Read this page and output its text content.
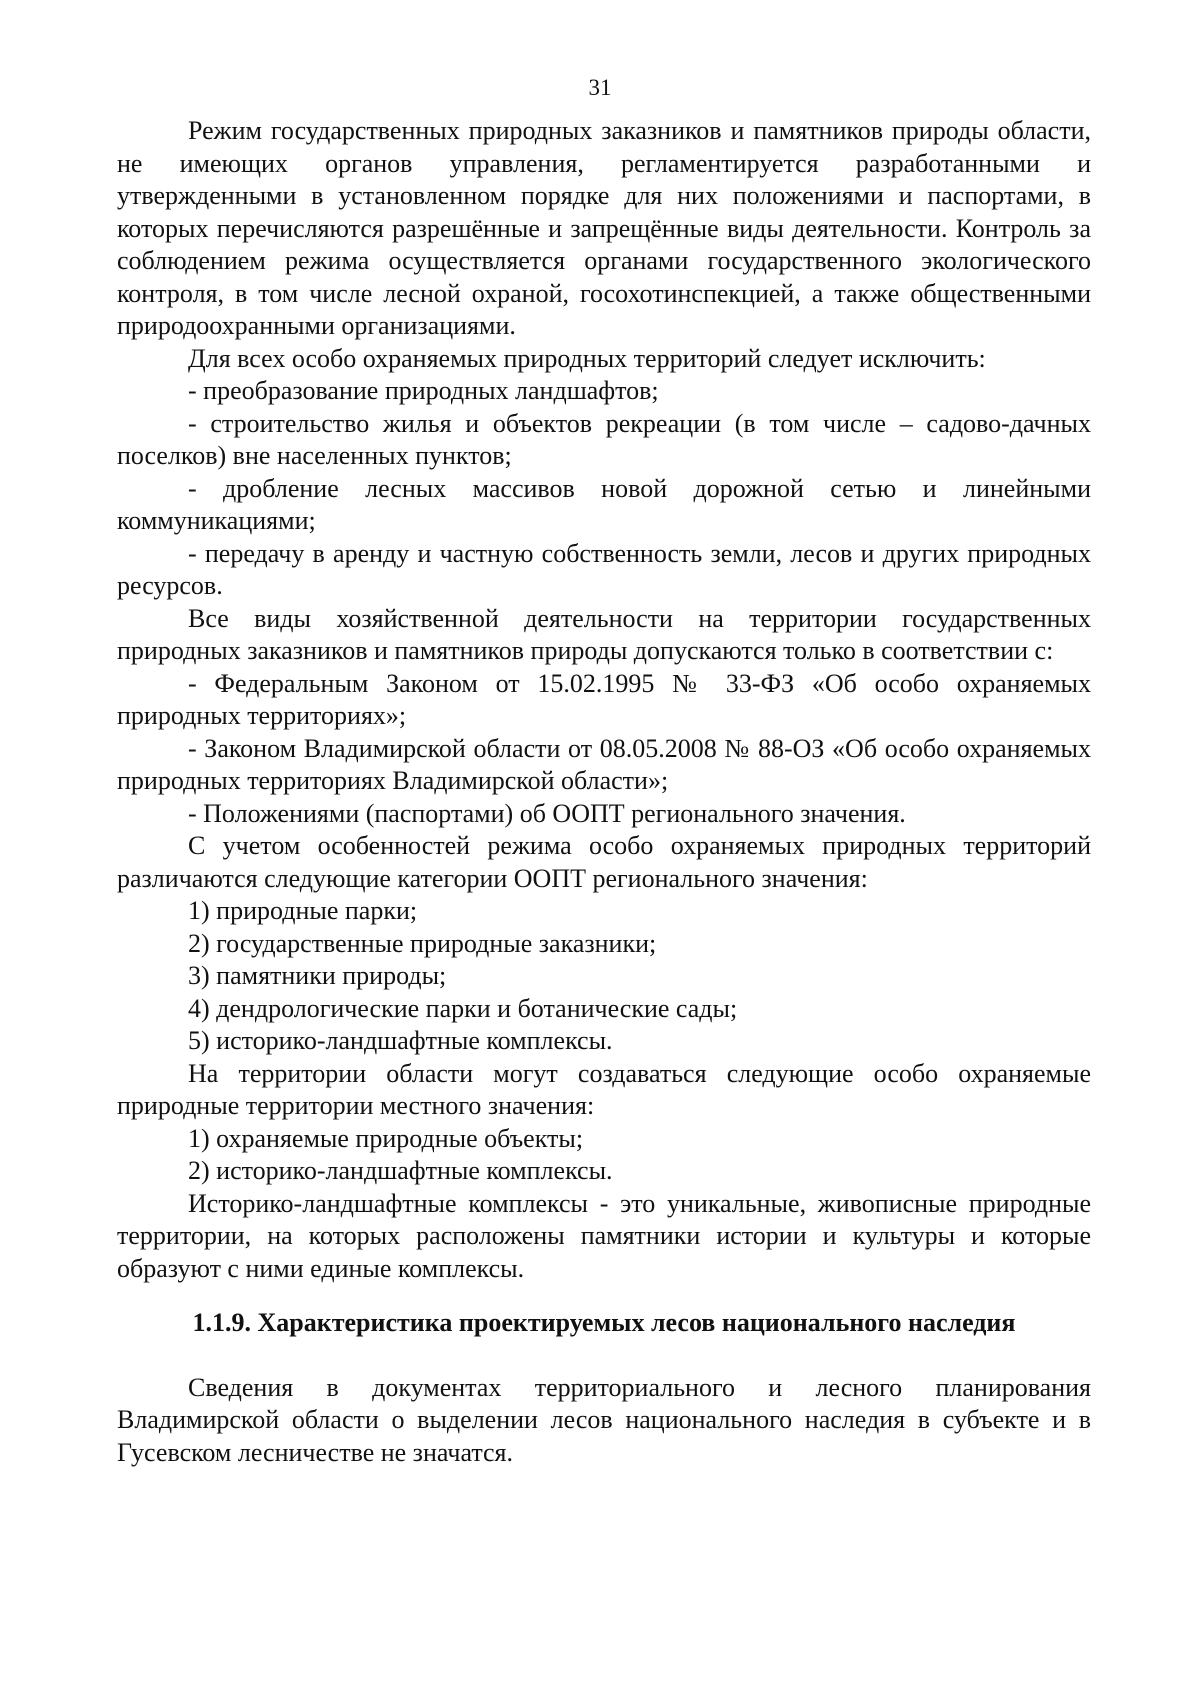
31

Режим государственных природных заказников и памятников природы области, не имеющих органов управления, регламентируется разработанными и утвержденными в установленном порядке для них положениями и паспортами, в которых перечисляются разрешённые и запрещённые виды деятельности. Контроль за соблюдением режима осуществляется органами государственного экологического контроля, в том числе лесной охраной, госохотинспекцией, а также общественными природоохранными организациями.

Для всех особо охраняемых природных территорий следует исключить:

- преобразование природных ландшафтов;

- строительство жилья и объектов рекреации (в том числе – садово-дачных поселков) вне населенных пунктов;

- дробление лесных массивов новой дорожной сетью и линейными коммуникациями;

- передачу в аренду и частную собственность земли, лесов и других природных ресурсов.

Все виды хозяйственной деятельности на территории государственных природных заказников и памятников природы допускаются только в соответствии с:

- Федеральным Законом от 15.02.1995 № 33-ФЗ «Об особо охраняемых природных территориях»;

- Законом Владимирской области от 08.05.2008 № 88-ОЗ «Об особо охраняемых природных территориях Владимирской области»;

- Положениями (паспортами) об ООПТ регионального значения.

С учетом особенностей режима особо охраняемых природных территорий различаются следующие категории ООПТ регионального значения:

1) природные парки;

2) государственные природные заказники;

3) памятники природы;

4) дендрологические парки и ботанические сады;

5) историко-ландшафтные комплексы.

На территории области могут создаваться следующие особо охраняемые природные территории местного значения:

1) охраняемые природные объекты;

2) историко-ландшафтные комплексы.

Историко-ландшафтные комплексы - это уникальные, живописные природные территории, на которых расположены памятники истории и культуры и которые образуют с ними единые комплексы.

1.1.9. Характеристика проектируемых лесов национального наследия

Сведения в документах территориального и лесного планирования Владимирской области о выделении лесов национального наследия в субъекте и в Гусевском лесничестве не значатся.
